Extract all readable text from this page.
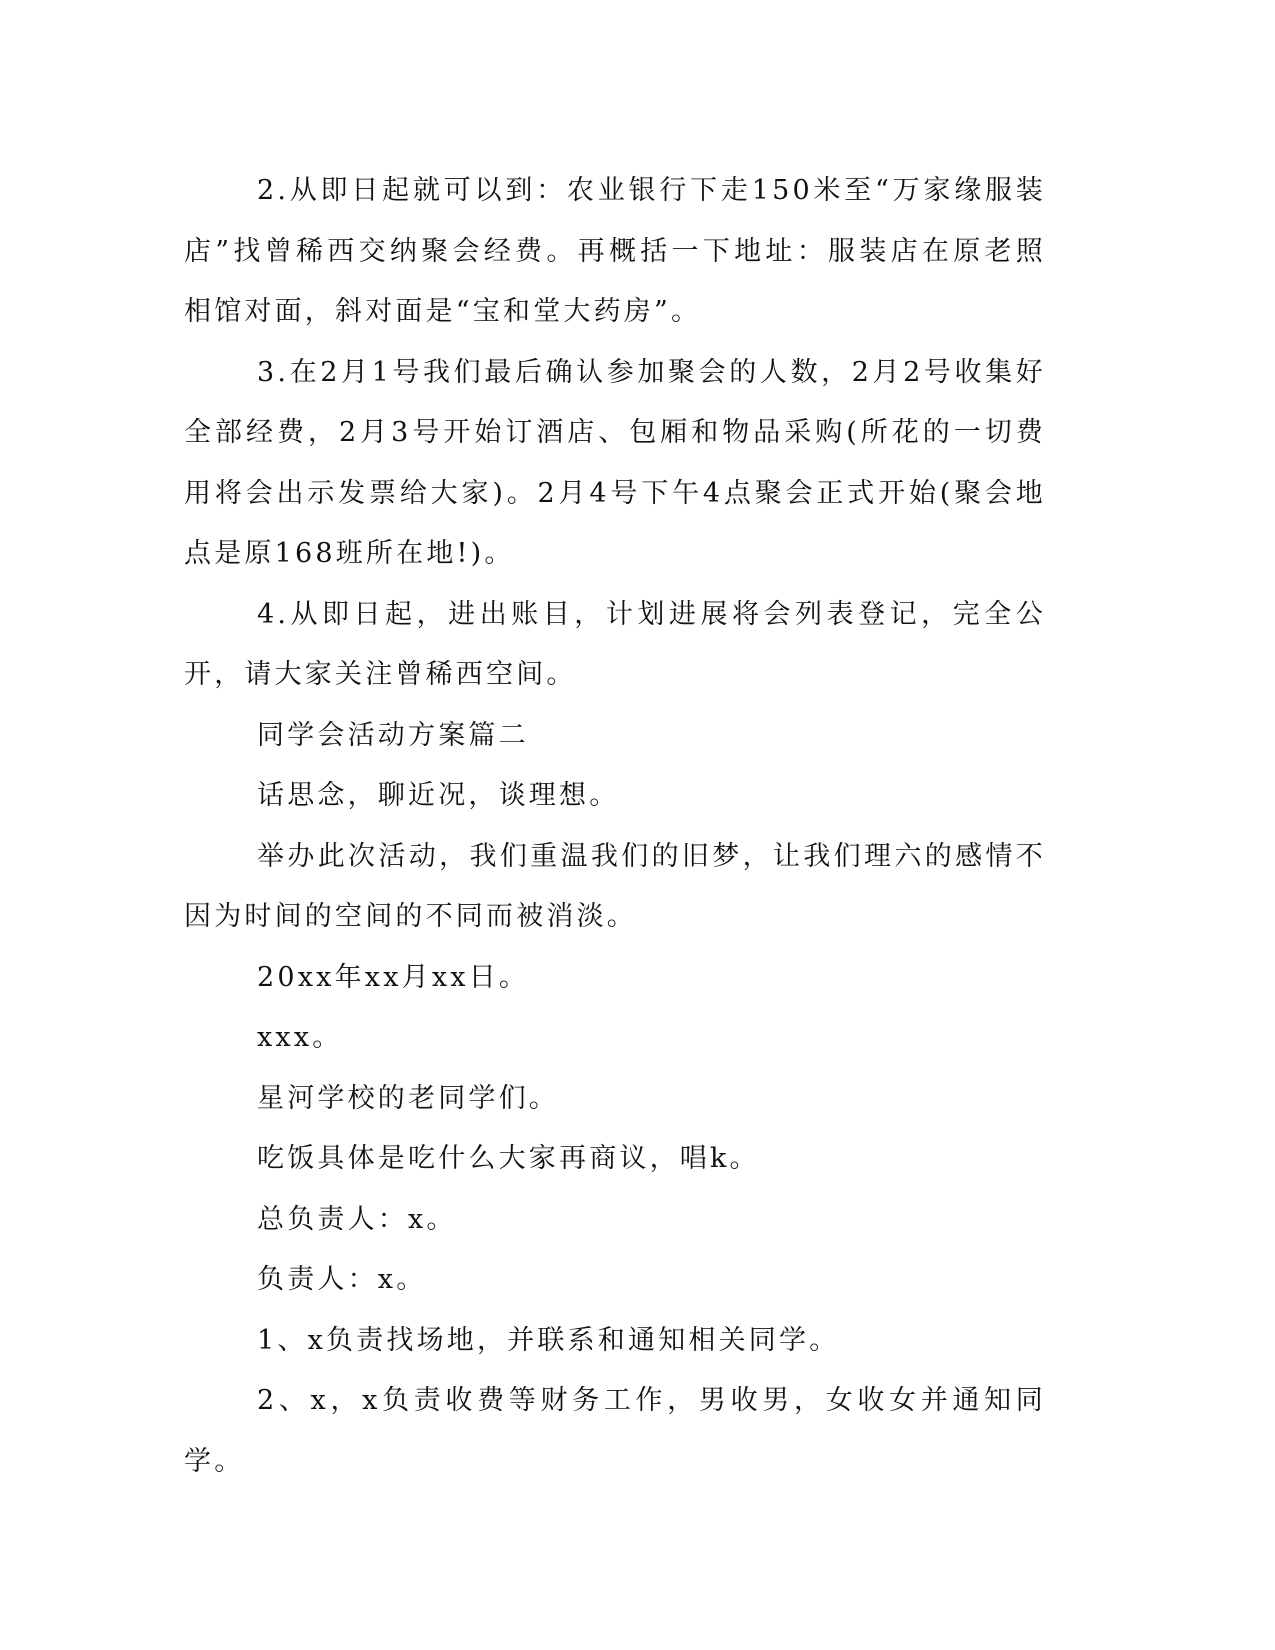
2.从即日起就可以到：农业银行下走150米至“万家缘服装店”找曾稀西交纳聚会经费。再概括一下地址：服装店在原老照相馆对面，斜对面是“宝和堂大药房”。

3.在2月1号我们最后确认参加聚会的人数，2月2号收集好全部经费，2月3号开始订酒店、包厢和物品采购(所花的一切费用将会出示发票给大家)。2月4号下午4点聚会正式开始(聚会地点是原168班所在地!)。

4.从即日起，进出账目，计划进展将会列表登记，完全公开，请大家关注曾稀西空间。

同学会活动方案篇二

话思念，聊近况，谈理想。

举办此次活动，我们重温我们的旧梦，让我们理六的感情不因为时间的空间的不同而被消淡。

20xx年xx月xx日。

xxx。

星河学校的老同学们。

吃饭具体是吃什么大家再商议，唱k。

总负责人：x。

负责人：x。

1、x负责找场地，并联系和通知相关同学。

2、x，x负责收费等财务工作，男收男，女收女并通知同学。
